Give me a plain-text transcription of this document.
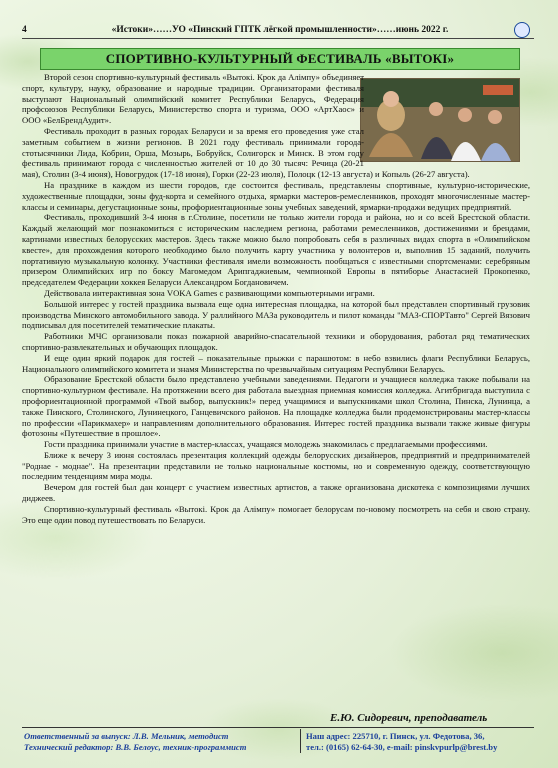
4	«Истоки»……УО «Пинский ГПТК лёгкой промышленности»……июнь 2022 г.
СПОРТИВНО-КУЛЬТУРНЫЙ ФЕСТИВАЛЬ «ВЫТОКІ»

Второй сезон спортивно-культурный фестиваль «Вытокі. Крок да Алімпу» объединяет спорт, культуру, науку, образование и народные традиции. Организаторами фестиваля выступают Национальный олимпийский комитет Республики Беларусь, Федерация профсоюзов Республики Беларусь, Министерство спорта и туризма, ООО «АртХаос» и ООО «БелБрендАудит».

Фестиваль проходит в разных городах Беларуси и за время его проведения уже стал заметным событием в жизни регионов. В 2021 году фестиваль принимали города-стотысячники Лида, Кобрин, Орша, Мозырь, Бобруйск, Солигорск и Минск. В этом году фестиваль принимают города с численностью жителей от 10 до 30 тысяч: Речица (20-21 мая), Столин (3-4 июня), Новогрудок (17-18 июня), Горки (22-23 июля), Полоцк (12-13 августа) и Копыль (26-27 августа).

На празднике в каждом из шести городов, где состоится фестиваль, представлены спортивные, культурно-исторические, художественные площадки, зоны фуд-корта и семейного отдыха, ярмарки мастеров-ремесленников, проходят многочисленные мастер-классы и семинары, дегустационные зоны, профориентационные зоны учебных заведений, ярмарки-продажи ведущих предприятий.

Фестиваль, проходивший 3-4 июня в г.Столине, посетили не только жители города и района, но и со всей Брестской области. Каждый желающий мог познакомиться с историческим наследием региона, работами ремесленников, достижениями и брендами, картинами известных белорусских мастеров. Здесь также можно было попробовать себя в различных видах спорта в «Олимпийском квесте», для прохождения которого необходимо было получить карту участника у волонтеров и, выполнив 15 заданий, получить портативную музыкальную колонку. Участники фестиваля имели возможность пообщаться с известными спортсменами: серебряным призером Олимпийских игр по боксу Магомедом Арипгаджиевым, чемпионкой Европы в пятиборье Анастасией Прокопенко, председателем Федерации хоккея Беларуси Александром Богдановичем.

Действовала интерактивная зона VOKA Games с развивающими компьютерными играми.

Большой интерес у гостей праздника вызвала еще одна интересная площадка, на которой был представлен спортивный грузовик производства Минского автомобильного завода. У раллийного МАЗа руководитель и пилот команды "МАЗ-СПОРТавто" Сергей Вязович подписывал для посетителей тематические плакаты.

Работники МЧС организовали показ пожарной аварийно-спасательной техники и оборудования, работал ряд тематических спортивно-развлекательных и обучающих площадок.

И еще один яркий подарок для гостей – показательные прыжки с парашютом: в небо взвились флаги Республики Беларусь, Национального олимпийского комитета и знамя Министерства по чрезвычайным ситуациям Республики Беларусь.

Образование Брестской области было представлено учебными заведениями. Педагоги и учащиеся колледжа также побывали на спортивно-культурном фестивале. На протяжении всего дня работала выездная приемная комиссия колледжа. Агитбригада выступила с профориентационной программой «Твой выбор, выпускник!» перед учащимися и выпускниками школ Столина, Пинска, Лунинца, а также Пинского, Столинского, Лунинецкого, Ганцевичского районов. На площадке колледжа были продемонстрированы мастер-классы по профессии «Парикмахер» и направлениям дополнительного образования. Интерес гостей праздника вызвали также живые фигуры фотозоны «Путешествие в прошлое».

Гости праздника принимали участие в мастер-классах, учащаяся молодежь знакомилась с предлагаемыми профессиями.

Ближе к вечеру 3 июня состоялась презентация коллекций одежды белорусских дизайнеров, предприятий и предпринимателей "Роднае - моднае". На презентации представили не только национальные костюмы, но и современную одежду, соответствующую последним тенденциям мира моды.

Вечером для гостей был дан концерт с участием известных артистов, а также организована дискотека с композициями лучших диджеев.

Спортивно-культурный фестиваль «Вытокі. Крок да Алімпу» помогает белорусам по-новому посмотреть на себя и свою страну. Это еще один повод путешествовать по Беларуси.

Е.Ю. Сидоревич, преподаватель
Ответственный за выпуск: Л.В. Мельник, методист
Технический редактор: В.В. Белоус, техник-программист
Наш адрес: 225710, г. Пинск, ул. Федотова, 36,
тел.: (0165) 62-64-30, e-mail: pinskvpurlp@brest.by
